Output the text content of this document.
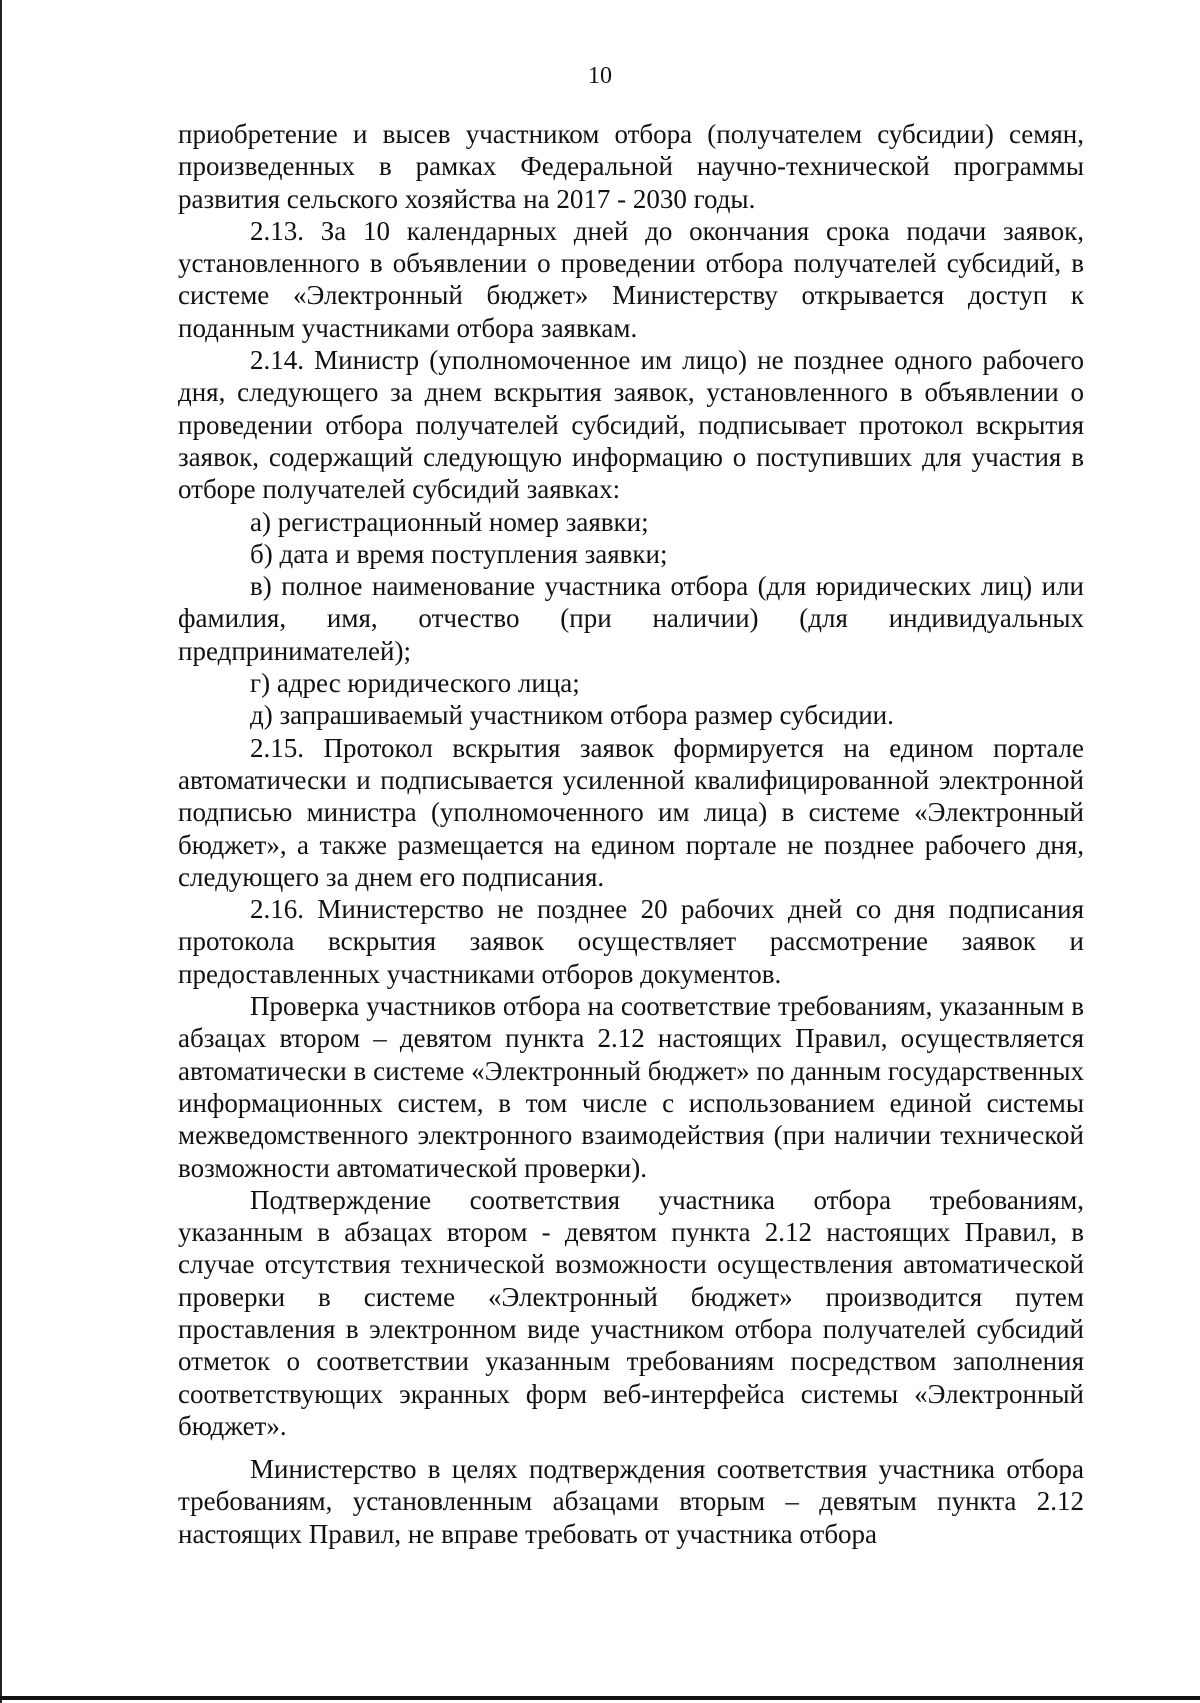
10

приобретение и высев участником отбора (получателем субсидии) семян, произведенных в рамках Федеральной научно-технической программы развития сельского хозяйства на 2017 - 2030 годы.

2.13. За 10 календарных дней до окончания срока подачи заявок, установленного в объявлении о проведении отбора получателей субсидий, в системе «Электронный бюджет» Министерству открывается доступ к поданным участниками отбора заявкам.

2.14. Министр (уполномоченное им лицо) не позднее одного рабочего дня, следующего за днем вскрытия заявок, установленного в объявлении о проведении отбора получателей субсидий, подписывает протокол вскрытия заявок, содержащий следующую информацию о поступивших для участия в отборе получателей субсидий заявках:

а) регистрационный номер заявки;

б) дата и время поступления заявки;

в) полное наименование участника отбора (для юридических лиц) или фамилия, имя, отчество (при наличии) (для индивидуальных предпринимателей);

г) адрес юридического лица;

д) запрашиваемый участником отбора размер субсидии.

2.15. Протокол вскрытия заявок формируется на едином портале автоматически и подписывается усиленной квалифицированной электронной подписью министра (уполномоченного им лица) в системе «Электронный бюджет», а также размещается на едином портале не позднее рабочего дня, следующего за днем его подписания.

2.16. Министерство не позднее 20 рабочих дней со дня подписания протокола вскрытия заявок осуществляет рассмотрение заявок и предоставленных участниками отборов документов.

Проверка участников отбора на соответствие требованиям, указанным в абзацах втором – девятом пункта 2.12 настоящих Правил, осуществляется автоматически в системе «Электронный бюджет» по данным государственных информационных систем, в том числе с использованием единой системы межведомственного электронного взаимодействия (при наличии технической возможности автоматической проверки).

Подтверждение соответствия участника отбора требованиям, указанным в абзацах втором - девятом пункта 2.12 настоящих Правил, в случае отсутствия технической возможности осуществления автоматической проверки в системе «Электронный бюджет» производится путем проставления в электронном виде участником отбора получателей субсидий отметок о соответствии указанным требованиям посредством заполнения соответствующих экранных форм веб-интерфейса системы «Электронный бюджет».

Министерство в целях подтверждения соответствия участника отбора требованиям, установленным абзацами вторым – девятым пункта 2.12 настоящих Правил, не вправе требовать от участника отбора
